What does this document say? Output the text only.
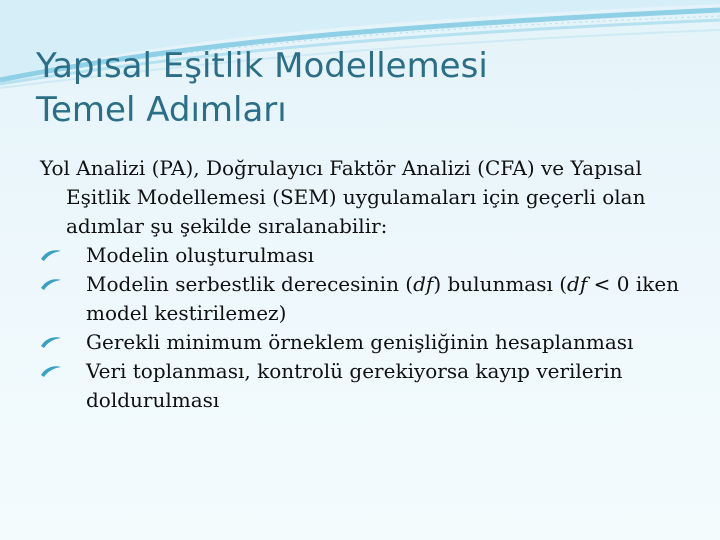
Yapısal Eşitlik Modellemesi
Temel Adımları

Yol Analizi (PA), Doğrulayıcı Faktör Analizi (CFA) ve Yapısal Eşitlik Modellemesi (SEM) uygulamaları için geçerli olan adımlar şu şekilde sıralanabilir:

Modelin oluşturulması
Modelin serbestlik derecesinin (df) bulunması (df < 0 iken model kestirilemez)
Gerekli minimum örneklem genişliğinin hesaplanması
Veri toplanması, kontrolü gerekiyorsa kayıp verilerin doldurulması
